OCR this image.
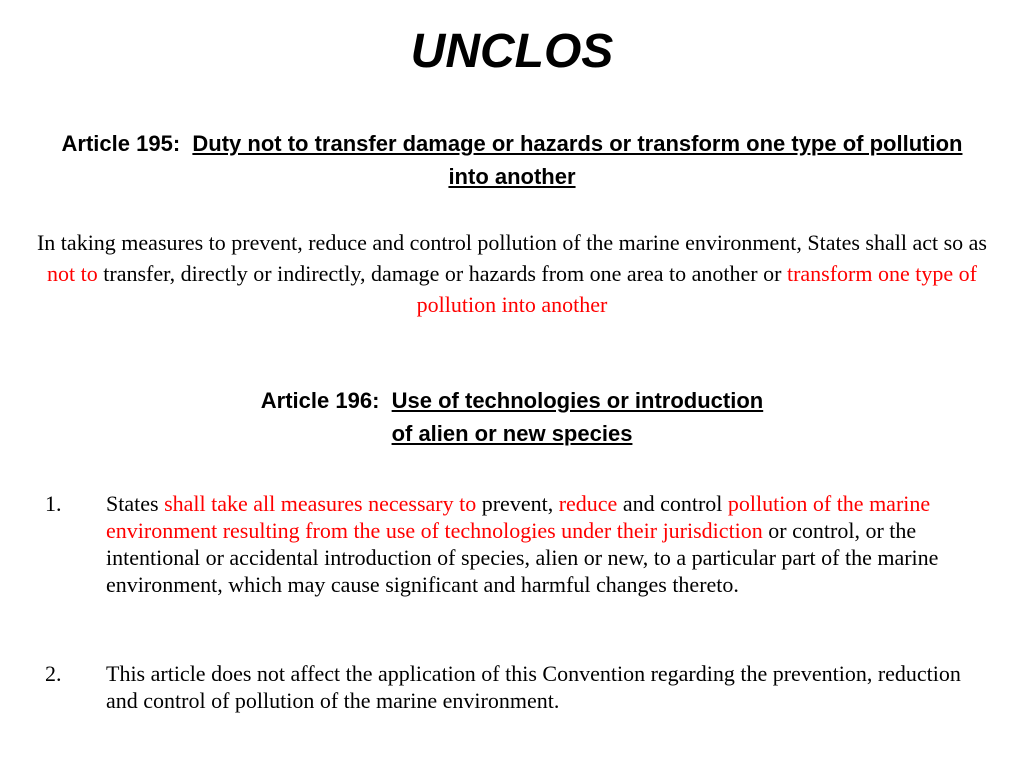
UNCLOS
Article 195: Duty not to transfer damage or hazards or transform one type of pollution into another

In taking measures to prevent, reduce and control pollution of the marine environment, States shall act so as not to transfer, directly or indirectly, damage or hazards from one area to another or transform one type of pollution into another

Article 196: Use of technologies or introduction
of alien or new species
1.	States shall take all measures necessary to prevent, reduce and control pollution of the marine environment resulting from the use of technologies under their jurisdiction or control, or the intentional or accidental introduction of species, alien or new, to a particular part of the marine environment, which may cause significant and harmful changes thereto.
2.	This article does not affect the application of this Convention regarding the prevention, reduction and control of pollution of the marine environment.
